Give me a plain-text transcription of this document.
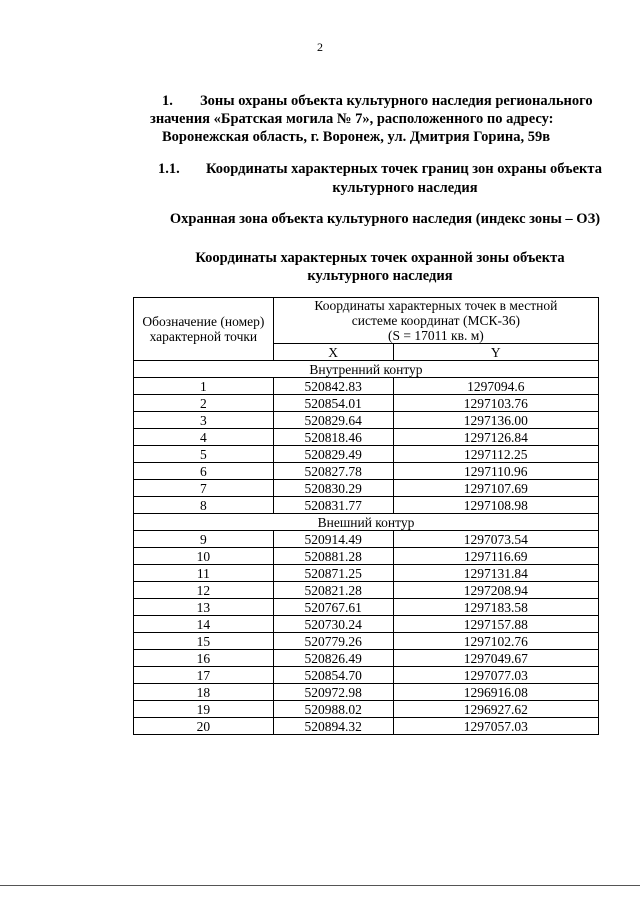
2
1. Зоны охраны объекта культурного наследия регионального
значения «Братская могила № 7», расположенного по адресу:
Воронежская область, г. Воронеж, ул. Дмитрия Горина, 59в
1.1. Координаты характерных точек границ зон охраны объекта
культурного наследия
Охранная зона объекта культурного наследия (индекс зоны – ОЗ)
Координаты характерных точек охранной зоны объекта
культурного наследия
Обозначение (номер) характерной точки	Координаты характерных точек в местной
системе координат (МСК-36)
(S = 17011 кв. м)	
	X	Y
Внутренний контур		
1	520842.83	1297094.6
2	520854.01	1297103.76
3	520829.64	1297136.00
4	520818.46	1297126.84
5	520829.49	1297112.25
6	520827.78	1297110.96
7	520830.29	1297107.69
8	520831.77	1297108.98
Внешний контур		
9	520914.49	1297073.54
10	520881.28	1297116.69
11	520871.25	1297131.84
12	520821.28	1297208.94
13	520767.61	1297183.58
14	520730.24	1297157.88
15	520779.26	1297102.76
16	520826.49	1297049.67
17	520854.70	1297077.03
18	520972.98	1296916.08
19	520988.02	1296927.62
20	520894.32	1297057.03
